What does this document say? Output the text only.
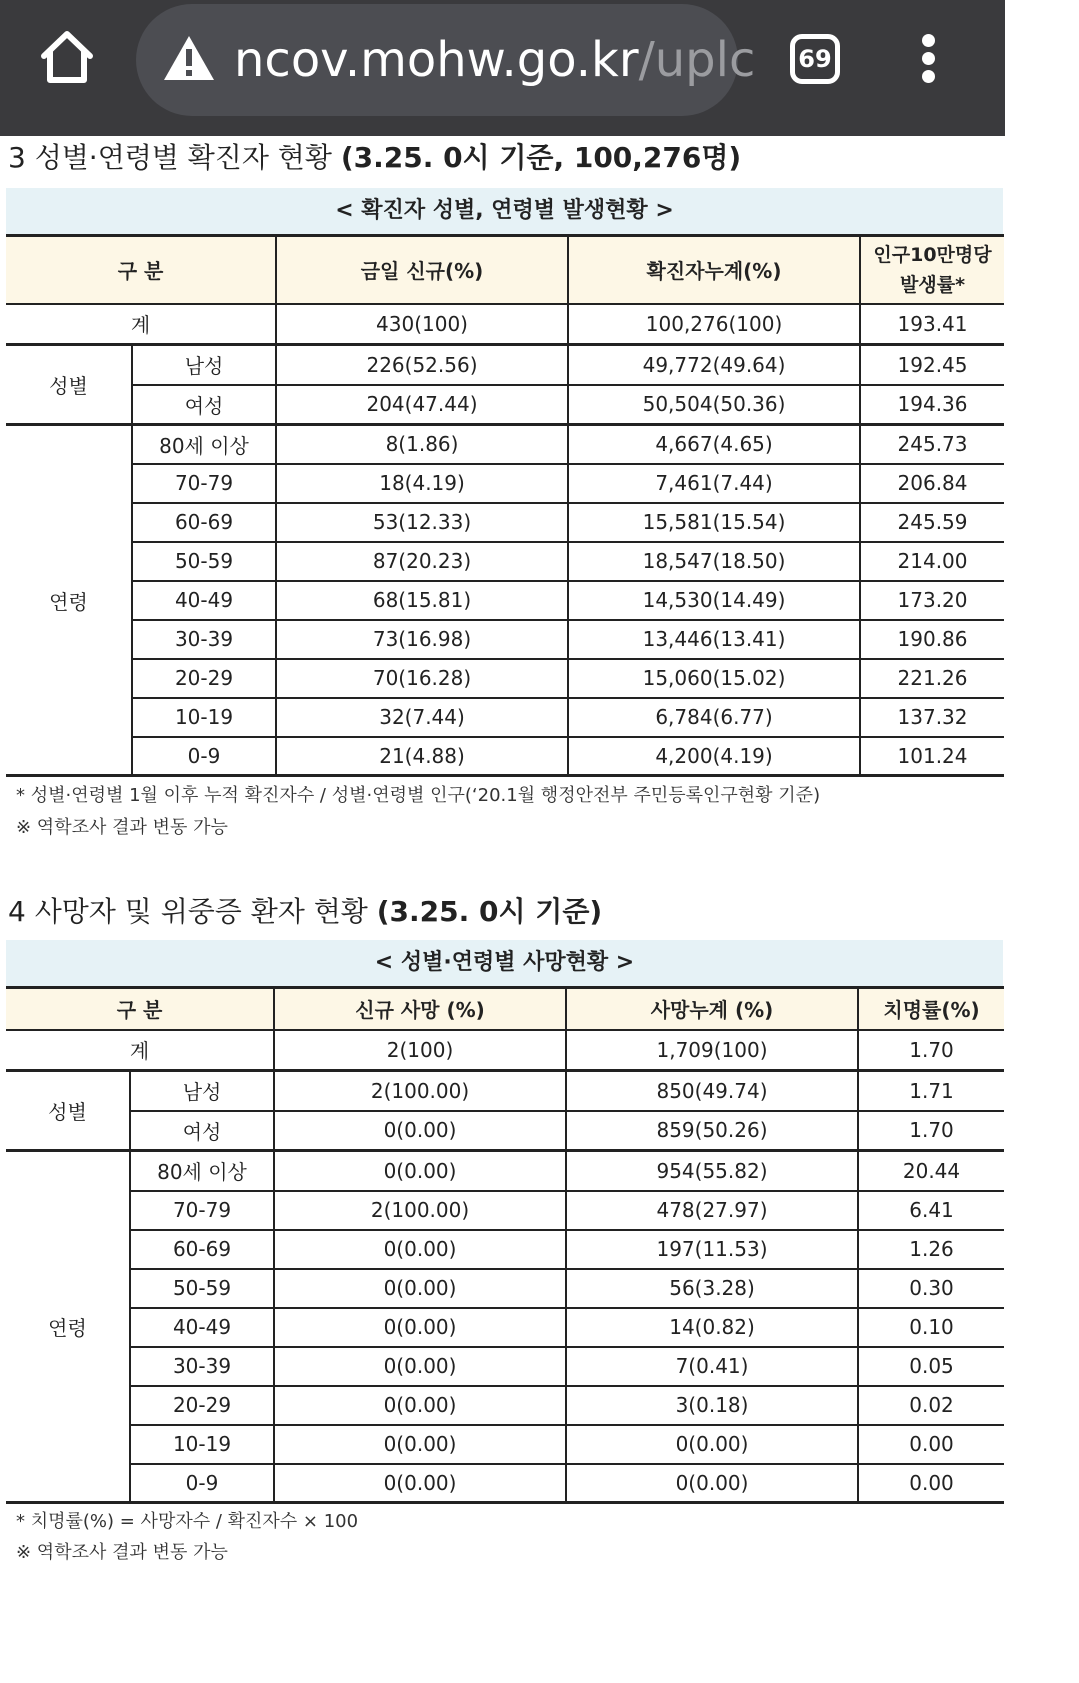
ncov.mohw.go.kr/uplc	69
3 성별·연령별 확진자 현황 (3.25. 0시 기준, 100,276명)
< 확진자 성별, 연령별 발생현황 >
구 분		금일 신규(%)	확진자누계(%)	인구10만명당
발생률*

계		430(100)	100,276(100)	193.41
성별	남성	226(52.56)	49,772(49.64)	192.45
	여성	204(47.44)	50,504(50.36)	194.36
연령	80세 이상	8(1.86)	4,667(4.65)	245.73
	70-79	18(4.19)	7,461(7.44)	206.84
	60-69	53(12.33)	15,581(15.54)	245.59
	50-59	87(20.23)	18,547(18.50)	214.00
	40-49	68(15.81)	14,530(14.49)	173.20
	30-39	73(16.98)	13,446(13.41)	190.86
	20-29	70(16.28)	15,060(15.02)	221.26
	10-19	32(7.44)	6,784(6.77)	137.32
	0-9	21(4.88)	4,200(4.19)	101.24
* 성별·연령별 1월 이후 누적 확진자수 / 성별·연령별 인구(‘20.1월 행정안전부 주민등록인구현황 기준)
※ 역학조사 결과 변동 가능
4 사망자 및 위중증 환자 현황 (3.25. 0시 기준)
< 성별·연령별 사망현황 >
구 분		신규 사망 (%)	사망누계 (%)	치명률(%)
계		2(100)	1,709(100)	1.70
성별	남성	2(100.00)	850(49.74)	1.71
	여성	0(0.00)	859(50.26)	1.70
연령	80세 이상	0(0.00)	954(55.82)	20.44
	70-79	2(100.00)	478(27.97)	6.41
	60-69	0(0.00)	197(11.53)	1.26
	50-59	0(0.00)	56(3.28)	0.30
	40-49	0(0.00)	14(0.82)	0.10
	30-39	0(0.00)	7(0.41)	0.05
	20-29	0(0.00)	3(0.18)	0.02
	10-19	0(0.00)	0(0.00)	0.00
	0-9	0(0.00)	0(0.00)	0.00
* 치명률(%) = 사망자수 / 확진자수 × 100
※ 역학조사 결과 변동 가능
